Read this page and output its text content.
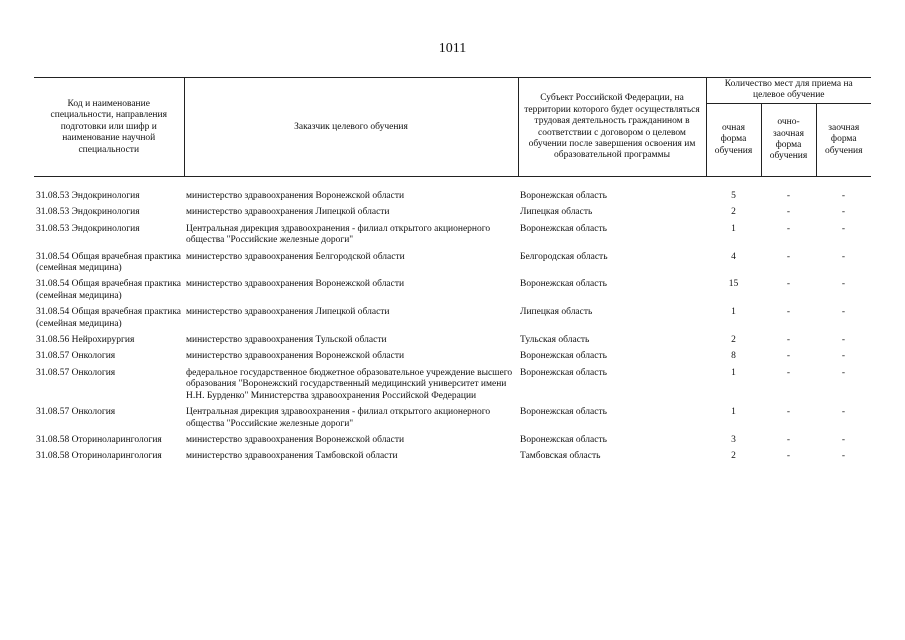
1011
Код и наименование специальности, направления подготовки или шифр и наименование научной специальности	Заказчик целевого обучения	Субъект Российской Федерации, на территории которого будет осуществляться трудовая деятельность гражданином в соответствии с договором о целевом обучении после завершения освоения им образовательной программы	Количество мест для приема на целевое обучение		
			очная форма обучения	очно-заочная форма обучения	заочная форма обучения

31.08.53 Эндокринология	министерство здравоохранения Воронежской области	Воронежская область	5	-	-
31.08.53 Эндокринология	министерство здравоохранения Липецкой области	Липецкая область	2	-	-
31.08.53 Эндокринология	Центральная дирекция здравоохранения - филиал открытого акционерного общества "Российские железные дороги"	Воронежская область	1	-	-
31.08.54 Общая врачебная практика (семейная медицина)	министерство здравоохранения Белгородской области	Белгородская область	4	-	-
31.08.54 Общая врачебная практика (семейная медицина)	министерство здравоохранения Воронежской области	Воронежская область	15	-	-
31.08.54 Общая врачебная практика (семейная медицина)	министерство здравоохранения Липецкой области	Липецкая область	1	-	-
31.08.56 Нейрохирургия	министерство здравоохранения Тульской области	Тульская область	2	-	-
31.08.57 Онкология	министерство здравоохранения Воронежской области	Воронежская область	8	-	-
31.08.57 Онкология	федеральное государственное бюджетное образовательное учреждение высшего образования "Воронежский государственный медицинский университет имени Н.Н. Бурденко" Министерства здравоохранения Российской Федерации	Воронежская область	1	-	-
31.08.57 Онкология	Центральная дирекция здравоохранения - филиал открытого акционерного общества "Российские железные дороги"	Воронежская область	1	-	-
31.08.58 Оториноларингология	министерство здравоохранения Воронежской области	Воронежская область	3	-	-
31.08.58 Оториноларингология	министерство здравоохранения Тамбовской области	Тамбовская область	2	-	-
